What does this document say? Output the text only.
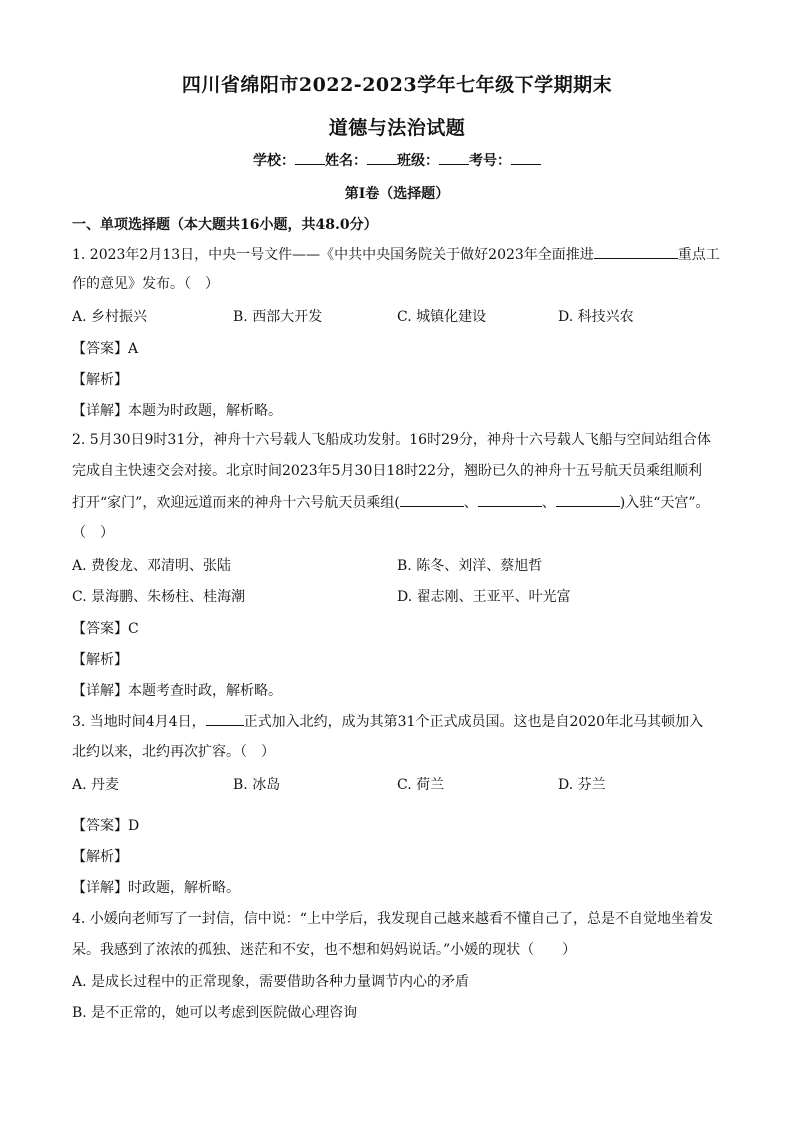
四川省绵阳市2022-2023学年七年级下学期期末
道德与法治试题
学校： 姓名： 班级： 考号：
第I卷（选择题）
一、单项选择题（本大题共16小题，共48.0分）
1. 2023年2月13日，中央一号文件——《中共中央国务院关于做好2023年全面推进	重点工
作的意见》发布。（　）
A. 乡村振兴	B. 西部大开发	C. 城镇化建设	D. 科技兴农
【答案】A
【解析】
【详解】本题为时政题，解析略。
2. 5月30日9时31分，神舟十六号载人飞船成功发射。16时29分，神舟十六号载人飞船与空间站组合体
完成自主快速交会对接。北京时间2023年5月30日18时22分，翘盼已久的神舟十五号航天员乘组顺利
打开“家门”，欢迎远道而来的神舟十六号航天员乘组(	、	、	)入驻“天宫”。
（　）
A. 费俊龙、邓清明、张陆	B. 陈冬、刘洋、蔡旭哲
C. 景海鹏、朱杨柱、桂海潮	D. 翟志刚、王亚平、叶光富
【答案】C
【解析】
【详解】本题考查时政，解析略。
3. 当地时间4月4日，	正式加入北约，成为其第31个正式成员国。这也是自2020年北马其顿加入
北约以来，北约再次扩容。（　）
A. 丹麦	B. 冰岛	C. 荷兰	D. 芬兰
【答案】D
【解析】
【详解】时政题，解析略。
4. 小媛向老师写了一封信，信中说：“上中学后，我发现自己越来越看不懂自己了，总是不自觉地坐着发
呆。我感到了浓浓的孤独、迷茫和不安，也不想和妈妈说话。”小媛的现状（　　）
A. 是成长过程中的正常现象，需要借助各种力量调节内心的矛盾
B. 是不正常的，她可以考虑到医院做心理咨询
